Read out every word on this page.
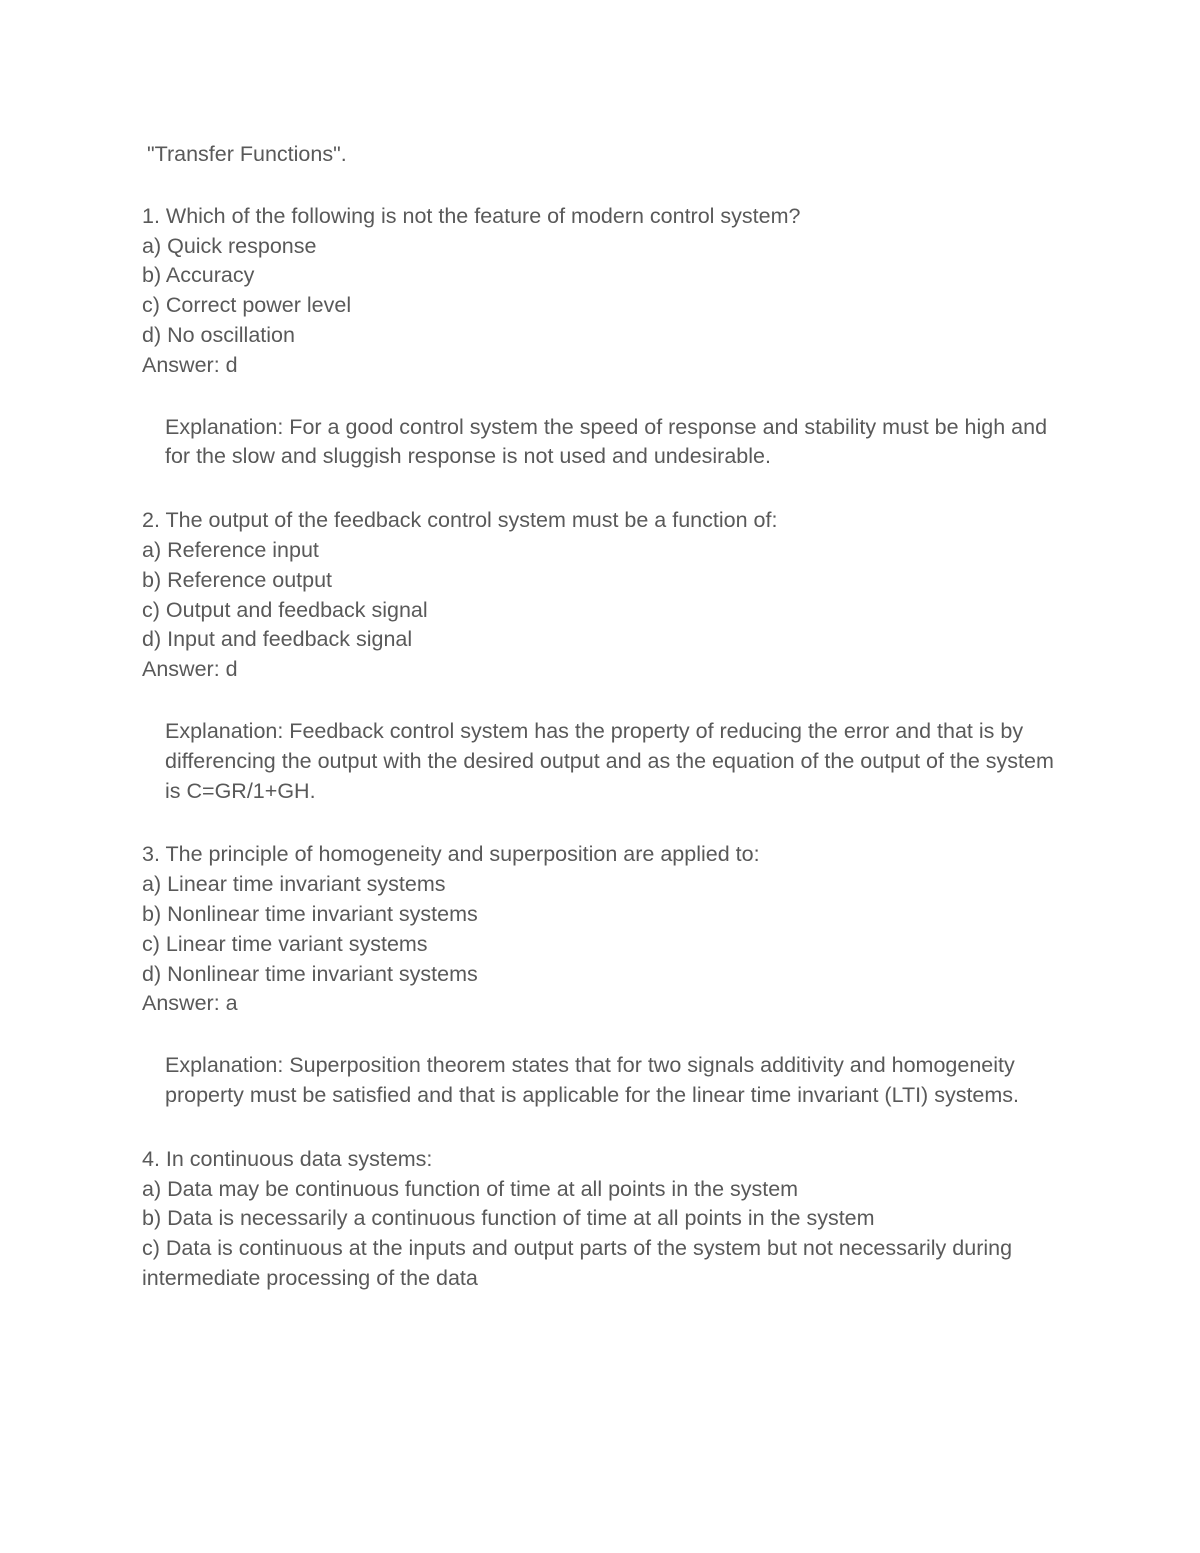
"Transfer Functions".
1. Which of the following is not the feature of modern control system?
a) Quick response
b) Accuracy
c) Correct power level
d) No oscillation
Answer: d
Explanation: For a good control system the speed of response and stability must be high and for the slow and sluggish response is not used and undesirable.
2. The output of the feedback control system must be a function of:
a) Reference input
b) Reference output
c) Output and feedback signal
d) Input and feedback signal
Answer: d
Explanation: Feedback control system has the property of reducing the error and that is by differencing the output with the desired output and as the equation of the output of the system is C=GR/1+GH.
3. The principle of homogeneity and superposition are applied to:
a) Linear time invariant systems
b) Nonlinear time invariant systems
c) Linear time variant systems
d) Nonlinear time invariant systems
Answer: a
Explanation: Superposition theorem states that for two signals additivity and homogeneity property must be satisfied and that is applicable for the linear time invariant (LTI) systems.
4. In continuous data systems:
a) Data may be continuous function of time at all points in the system
b) Data is necessarily a continuous function of time at all points in the system
c) Data is continuous at the inputs and output parts of the system but not necessarily during intermediate processing of the data
